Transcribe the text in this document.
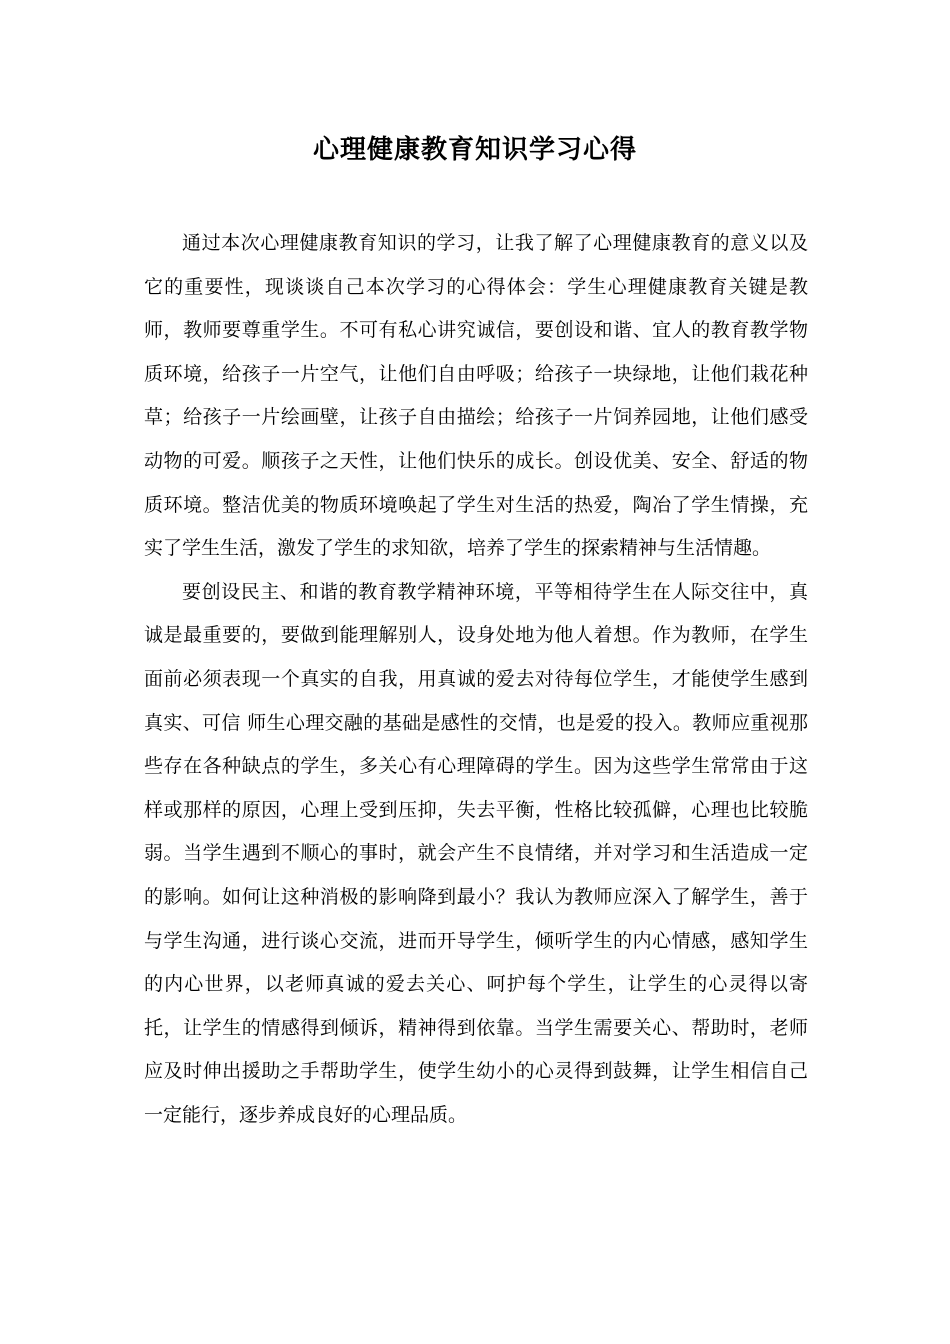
心理健康教育知识学习心得

通过本次心理健康教育知识的学习，让我了解了心理健康教育的意义以及它的重要性，现谈谈自己本次学习的心得体会：学生心理健康教育关键是教师，教师要尊重学生。不可有私心讲究诚信，要创设和谐、宜人的教育教学物质环境，给孩子一片空气，让他们自由呼吸；给孩子一块绿地，让他们栽花种草；给孩子一片绘画壁，让孩子自由描绘；给孩子一片饲养园地，让他们感受动物的可爱。顺孩子之天性，让他们快乐的成长。创设优美、安全、舒适的物质环境。整洁优美的物质环境唤起了学生对生活的热爱，陶冶了学生情操，充实了学生生活，激发了学生的求知欲，培养了学生的探索精神与生活情趣。

要创设民主、和谐的教育教学精神环境，平等相待学生在人际交往中，真诚是最重要的，要做到能理解别人，设身处地为他人着想。作为教师，在学生面前必须表现一个真实的自我，用真诚的爱去对待每位学生，才能使学生感到真实、可信 师生心理交融的基础是感性的交情，也是爱的投入。教师应重视那些存在各种缺点的学生，多关心有心理障碍的学生。因为这些学生常常由于这样或那样的原因，心理上受到压抑，失去平衡，性格比较孤僻，心理也比较脆弱。当学生遇到不顺心的事时，就会产生不良情绪，并对学习和生活造成一定的影响。如何让这种消极的影响降到最小？我认为教师应深入了解学生，善于与学生沟通，进行谈心交流，进而开导学生，倾听学生的内心情感，感知学生的内心世界，以老师真诚的爱去关心、呵护每个学生，让学生的心灵得以寄托，让学生的情感得到倾诉，精神得到依靠。当学生需要关心、帮助时，老师应及时伸出援助之手帮助学生，使学生幼小的心灵得到鼓舞，让学生相信自己一定能行，逐步养成良好的心理品质。
